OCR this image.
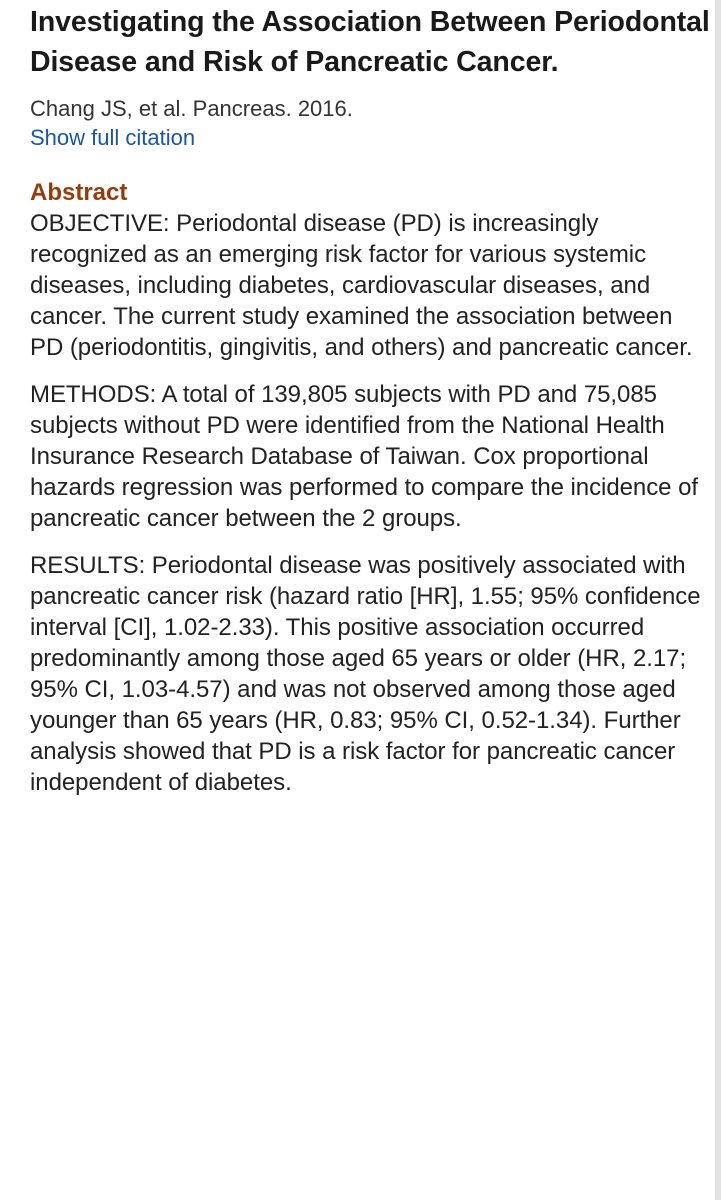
Investigating the Association Between Periodontal Disease and Risk of Pancreatic Cancer.
Chang JS, et al. Pancreas. 2016.
Show full citation
Abstract

OBJECTIVE: Periodontal disease (PD) is increasingly recognized as an emerging risk factor for various systemic diseases, including diabetes, cardiovascular diseases, and cancer. The current study examined the association between PD (periodontitis, gingivitis, and others) and pancreatic cancer.

METHODS: A total of 139,805 subjects with PD and 75,085 subjects without PD were identified from the National Health Insurance Research Database of Taiwan. Cox proportional hazards regression was performed to compare the incidence of pancreatic cancer between the 2 groups.

RESULTS: Periodontal disease was positively associated with pancreatic cancer risk (hazard ratio [HR], 1.55; 95% confidence interval [CI], 1.02-2.33). This positive association occurred predominantly among those aged 65 years or older (HR, 2.17; 95% CI, 1.03-4.57) and was not observed among those aged younger than 65 years (HR, 0.83; 95% CI, 0.52-1.34). Further analysis showed that PD is a risk factor for pancreatic cancer independent of diabetes.
